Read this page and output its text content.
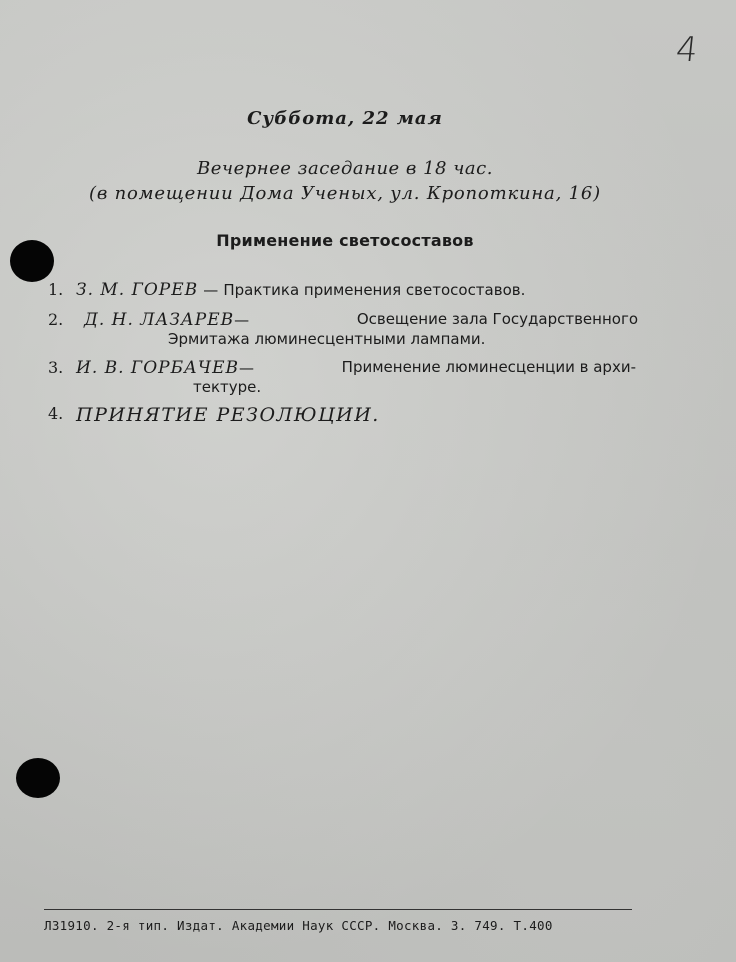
4
Суббота, 22 мая
Вечернее заседание в 18 час.
(в помещении Дома Ученых, ул. Кропоткина, 16)
Применение светосоставов
1. З. М. ГОРЕВ — Практика применения светосоставов.
2. Д. Н. ЛАЗАРЕВ—	Освещение зала Государственного
Эрмитажа люминесцентными лампами.
3. И. В. ГОРБАЧЕВ—	Применение люминесценции в архи-
тектуре.
4. ПРИНЯТИЕ РЕЗОЛЮЦИИ.
Л31910. 2-я тип. Издат. Академии Наук СССР. Москва. З. 749. Т.400
